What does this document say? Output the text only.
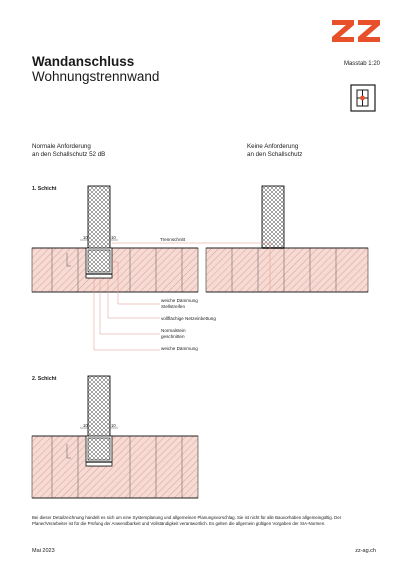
Wandanschluss
Wohnungstrennwand
Masstab 1:20
Normale Anforderung
an den Schallschutz 52 dB
Keine Anforderung
an den Schallschutz
1. Schicht
2. Schicht
10	10	Trennschnitt
weiche Dämmung
Stellstreifen
vollflächige Netzeinbettung
Normalstein
geschnitten
weiche Dämmung
10	10
Bei dieser Detailzeichnung handelt es sich um eine Systemplanung und allgemeinen Planungsvorschlag. Sie ist nicht für alle Bauvorhaben allgemeingültig. Der Planer/Verarbeiter ist für die Prüfung der Anwendbarkeit und Vollständigkeit verantwortlich. Es gelten die allgemein gültigen Vorgaben der SIA-Normen.
Mai 2023	zz-ag.ch
